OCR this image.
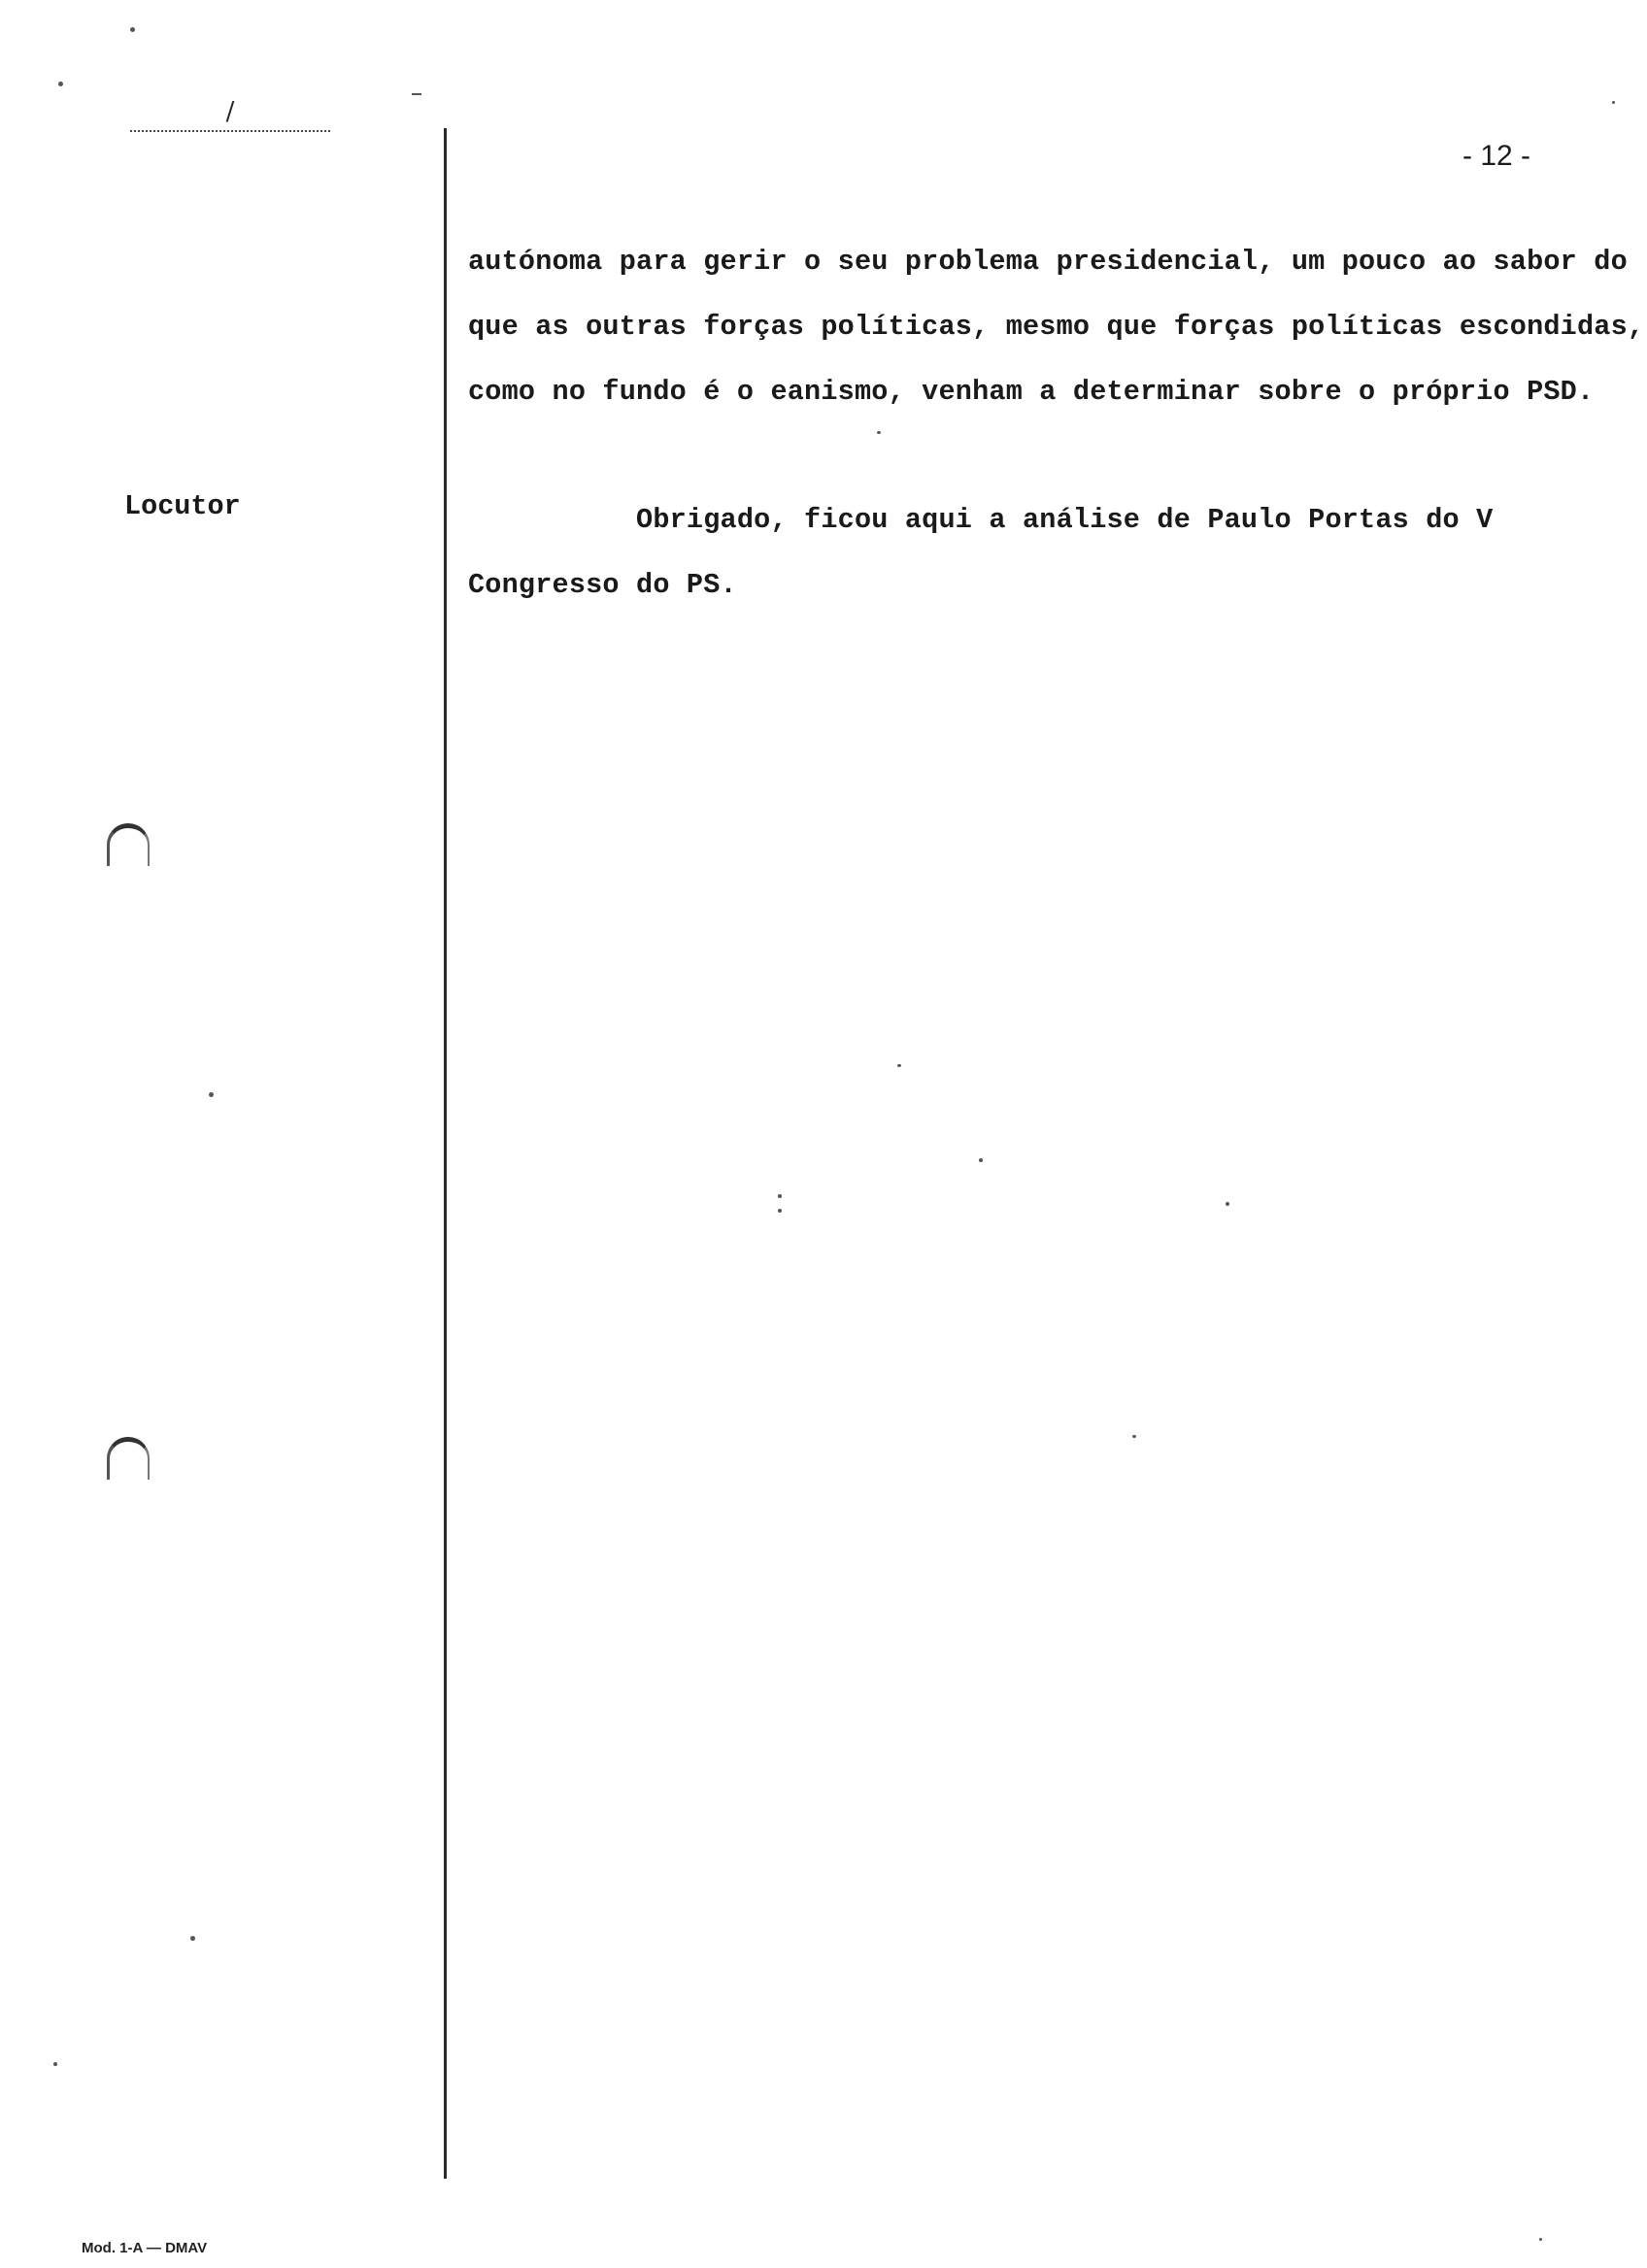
/
- 12 -
Locutor
autónoma para gerir o seu problema presidencial, um pouco ao sabor do
que as outras forças políticas, mesmo que forças políticas escondidas,
como no fundo é o eanismo, venham a determinar sobre o próprio PSD.
Obrigado, ficou aqui a análise de Paulo Portas do V
Congresso do PS.
Mod. 1-A — DMAV
